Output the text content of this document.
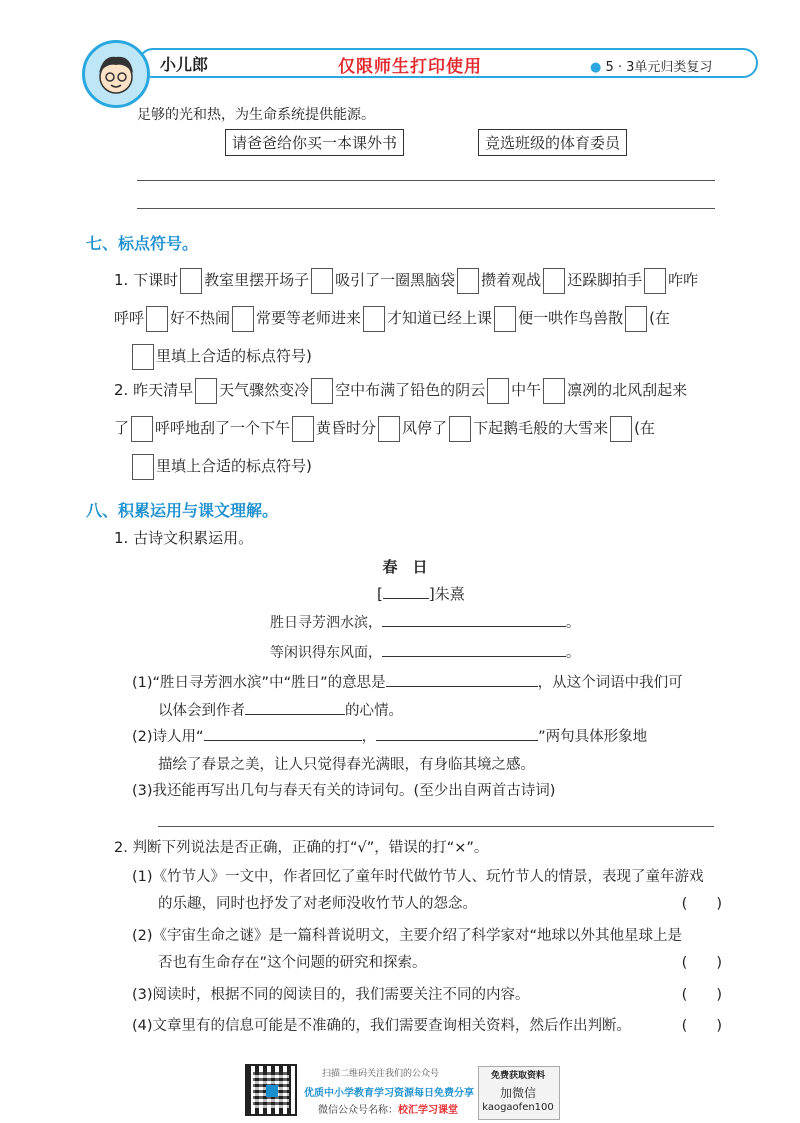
小儿郎	仅限师生打印使用	● 5 · 3单元归类复习
足够的光和热，为生命系统提供能源。
请爸爸给你买一本课外书	竞选班级的体育委员
七、标点符号。
1. 下课时 教室里摆开场子 吸引了一圈黑脑袋 攒着观战 还跺脚拍手 咋咋
呼呼 好不热闹 常要等老师进来 才知道已经上课 便一哄作鸟兽散 (在
里填上合适的标点符号)
2. 昨天清早 天气骤然变冷 空中布满了铅色的阴云 中午 凛冽的北风刮起来
了 呼呼地刮了一个下午 黄昏时分 风停了 下起鹅毛般的大雪来 (在
里填上合适的标点符号)
八、积累运用与课文理解。
1. 古诗文积累运用。
春　日
[	]朱熹
胜日寻芳泗水滨，	。
等闲识得东风面，	。
(1)“胜日寻芳泗水滨”中“胜日”的意思是	，从这个词语中我们可
以体会到作者	的心情。
(2)诗人用“	，	”两句具体形象地
描绘了春景之美，让人只觉得春光满眼，有身临其境之感。
(3)我还能再写出几句与春天有关的诗词句。(至少出自两首古诗词)
2. 判断下列说法是否正确，正确的打“√”，错误的打“×”。
(1)《竹节人》一文中，作者回忆了童年时代做竹节人、玩竹节人的情景，表现了童年游戏
的乐趣，同时也抒发了对老师没收竹节人的怨念。	(　　)
(2)《宇宙生命之谜》是一篇科普说明文，主要介绍了科学家对“地球以外其他星球上是
否也有生命存在”这个问题的研究和探索。	(　　)
(3)阅读时，根据不同的阅读目的，我们需要关注不同的内容。	(　　)
(4)文章里有的信息可能是不准确的，我们需要查询相关资料，然后作出判断。	(　　)
扫描二维码关注我们的公众号
优质中小学教育学习资源每日免费分享
微信公众号名称：校汇学习课堂
免费获取资料
加微信
kaogaofen100
